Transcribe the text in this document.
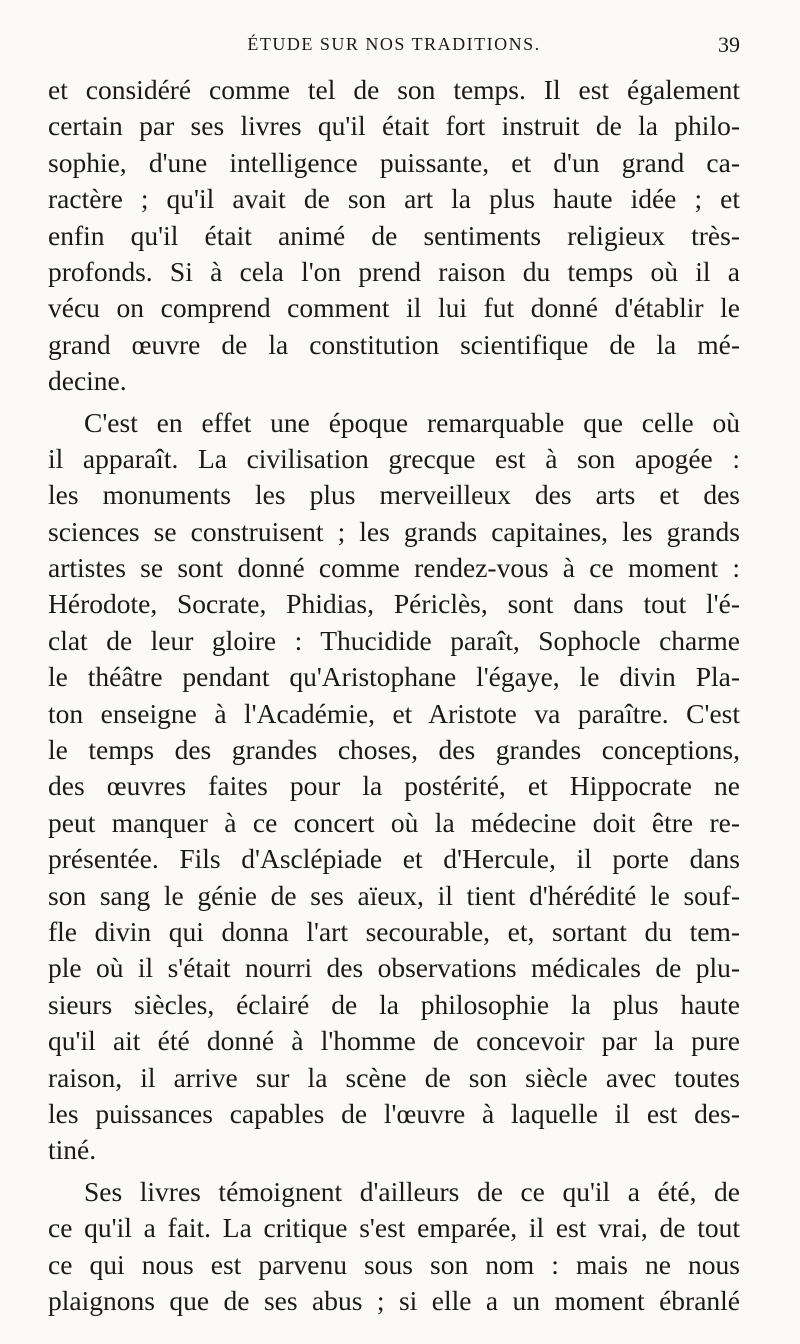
ÉTUDE SUR NOS TRADITIONS.	39
et considéré comme tel de son temps. Il est également
certain par ses livres qu'il était fort instruit de la philo-
sophie, d'une intelligence puissante, et d'un grand ca-
ractère ; qu'il avait de son art la plus haute idée ; et
enfin qu'il était animé de sentiments religieux très-
profonds. Si à cela l'on prend raison du temps où il a
vécu on comprend comment il lui fut donné d'établir le
grand œuvre de la constitution scientifique de la mé-
decine.
C'est en effet une époque remarquable que celle où
il apparaît. La civilisation grecque est à son apogée :
les monuments les plus merveilleux des arts et des
sciences se construisent ; les grands capitaines, les grands
artistes se sont donné comme rendez-vous à ce moment :
Hérodote, Socrate, Phidias, Périclès, sont dans tout l'é-
clat de leur gloire : Thucidide paraît, Sophocle charme
le théâtre pendant qu'Aristophane l'égaye, le divin Pla-
ton enseigne à l'Académie, et Aristote va paraître. C'est
le temps des grandes choses, des grandes conceptions,
des œuvres faites pour la postérité, et Hippocrate ne
peut manquer à ce concert où la médecine doit être re-
présentée. Fils d'Asclépiade et d'Hercule, il porte dans
son sang le génie de ses aïeux, il tient d'hérédité le souf-
fle divin qui donna l'art secourable, et, sortant du tem-
ple où il s'était nourri des observations médicales de plu-
sieurs siècles, éclairé de la philosophie la plus haute
qu'il ait été donné à l'homme de concevoir par la pure
raison, il arrive sur la scène de son siècle avec toutes
les puissances capables de l'œuvre à laquelle il est des-
tiné.
Ses livres témoignent d'ailleurs de ce qu'il a été, de
ce qu'il a fait. La critique s'est emparée, il est vrai, de tout
ce qui nous est parvenu sous son nom : mais ne nous
plaignons que de ses abus ; si elle a un moment ébranlé
